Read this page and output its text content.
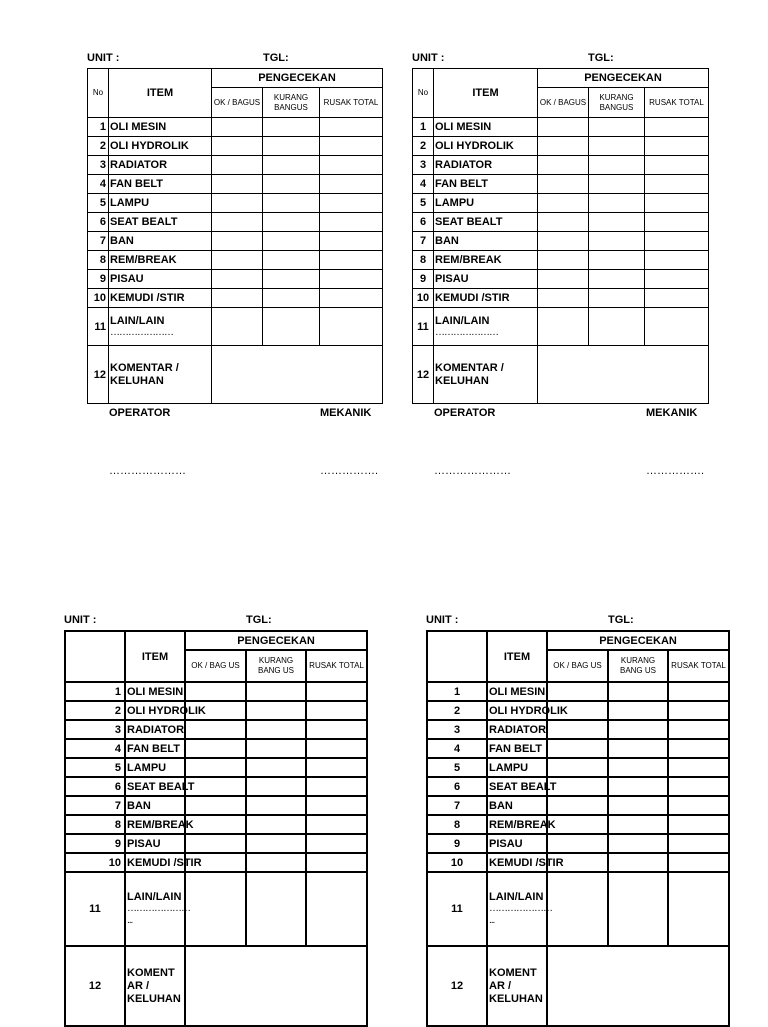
UNIT :	TGL:
No	ITEM	PENGECEKAN		
		OK / BAGUS	KURANG BANGUS	RUSAK TOTAL
1	OLI MESIN			
2	OLI HYDROLIK			
3	RADIATOR			
4	FAN BELT			
5	LAMPU			
6	SEAT BEALT			
7	BAN			
8	REM/BREAK			
9	PISAU			
10	KEMUDI /STIR			
11	LAIN/LAIN
…………………			

12	KOMENTAR / KELUHAN			
OPERATOR	MEKANIK
…………………	…………….
UNIT :	TGL:
No	ITEM	PENGECEKAN		
		OK / BAGUS	KURANG BANGUS	RUSAK TOTAL
1	OLI MESIN			
2	OLI HYDROLIK			
3	RADIATOR			
4	FAN BELT			
5	LAMPU			
6	SEAT BEALT			
7	BAN			
8	REM/BREAK			
9	PISAU			
10	KEMUDI /STIR			
11	LAIN/LAIN
…………………			

12	KOMENTAR / KELUHAN			
OPERATOR	MEKANIK
…………………	…………….
UNIT :	TGL:
	ITEM	PENGECEKAN		
		OK / BAG US	KURANG BANG US	RUSAK TOTAL
1	OLI MESIN			
2	OLI HYDROLIK			
3	RADIATOR			
4	FAN BELT			
5	LAMPU			
6	SEAT BEALT			
7	BAN			
8	REM/BREAK			
9	PISAU			
10	KEMUDI /STIR			
11	LAIN/LAIN
…………………
...			

12	KOMENT AR / KELUHAN			
UNIT :	TGL:
	ITEM	PENGECEKAN		
		OK / BAG US	KURANG BANG US	RUSAK TOTAL
1	OLI MESIN			
2	OLI HYDROLIK			
3	RADIATOR			
4	FAN BELT			
5	LAMPU			
6	SEAT BEALT			
7	BAN			
8	REM/BREAK			
9	PISAU			
10	KEMUDI /STIR			
11	LAIN/LAIN
…………………
...			

12	KOMENT AR / KELUHAN			
